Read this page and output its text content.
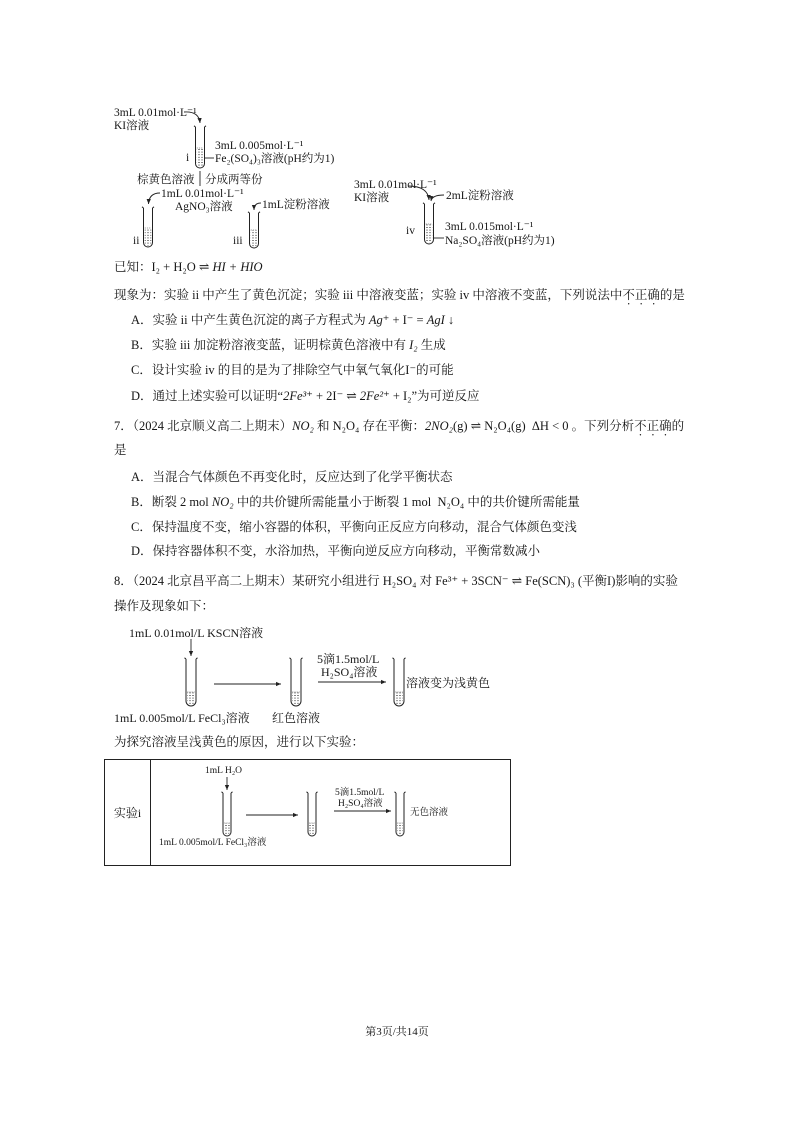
3mL 0.01mol·L⁻¹
KI溶液
i
3mL 0.005mol·L⁻¹
Fe₂(SO₄)₃溶液(pH约为1)
棕黄色溶液 分成两等份
1mL 0.01mol·L⁻¹
AgNO₃溶液	1mL淀粉溶液
ii	iii
3mL 0.01mol·L⁻¹
KI溶液	2mL淀粉溶液
iv	3mL 0.015mol·L⁻¹
Na₂SO₄溶液(pH约为1)
已知：I₂ + H₂O ⇌ HI + HIO
现象为：实验 ii 中产生了黄色沉淀；实验 iii 中溶液变蓝；实验 iv 中溶液不变蓝，下列说法中不正确的是
A．实验 ii 中产生黄色沉淀的离子方程式为 Ag⁺ + I⁻ = AgI ↓
B．实验 iii 加淀粉溶液变蓝，证明棕黄色溶液中有 I₂ 生成
C．设计实验 iv 的目的是为了排除空气中氧气氧化I⁻的可能
D．通过上述实验可以证明“2Fe³⁺ + 2I⁻ ⇌ 2Fe²⁺ + I₂”为可逆反应
7．（2024 北京顺义高二上期末）NO₂ 和 N₂O₄ 存在平衡：2NO₂(g) ⇌ N₂O₄(g)  ΔH < 0 。下列分析不正确的
是
A．当混合气体颜色不再变化时，反应达到了化学平衡状态
B．断裂 2 mol NO₂ 中的共价键所需能量小于断裂 1 mol  N₂O₄ 中的共价键所需能量
C．保持温度不变，缩小容器的体积，平衡向正反应方向移动，混合气体颜色变浅
D．保持容器体积不变，水浴加热，平衡向逆反应方向移动，平衡常数减小
8．（2024 北京昌平高二上期末）某研究小组进行 H₂SO₄ 对 Fe³⁺ + 3SCN⁻ ⇌ Fe(SCN)₃ (平衡I)影响的实验
操作及现象如下：
1mL 0.01mol/L KSCN溶液
5滴1.5mol/L
H₂SO₄溶液
溶液变为浅黄色
1mL 0.005mol/L FeCl₃溶液 红色溶液
为探究溶液呈浅黄色的原因，进行以下实验：
实验i
1mL H₂O
5滴1.5mol/L
H₂SO₄溶液
无色溶液
1mL 0.005mol/L FeCl₃溶液
第3页/共14页
